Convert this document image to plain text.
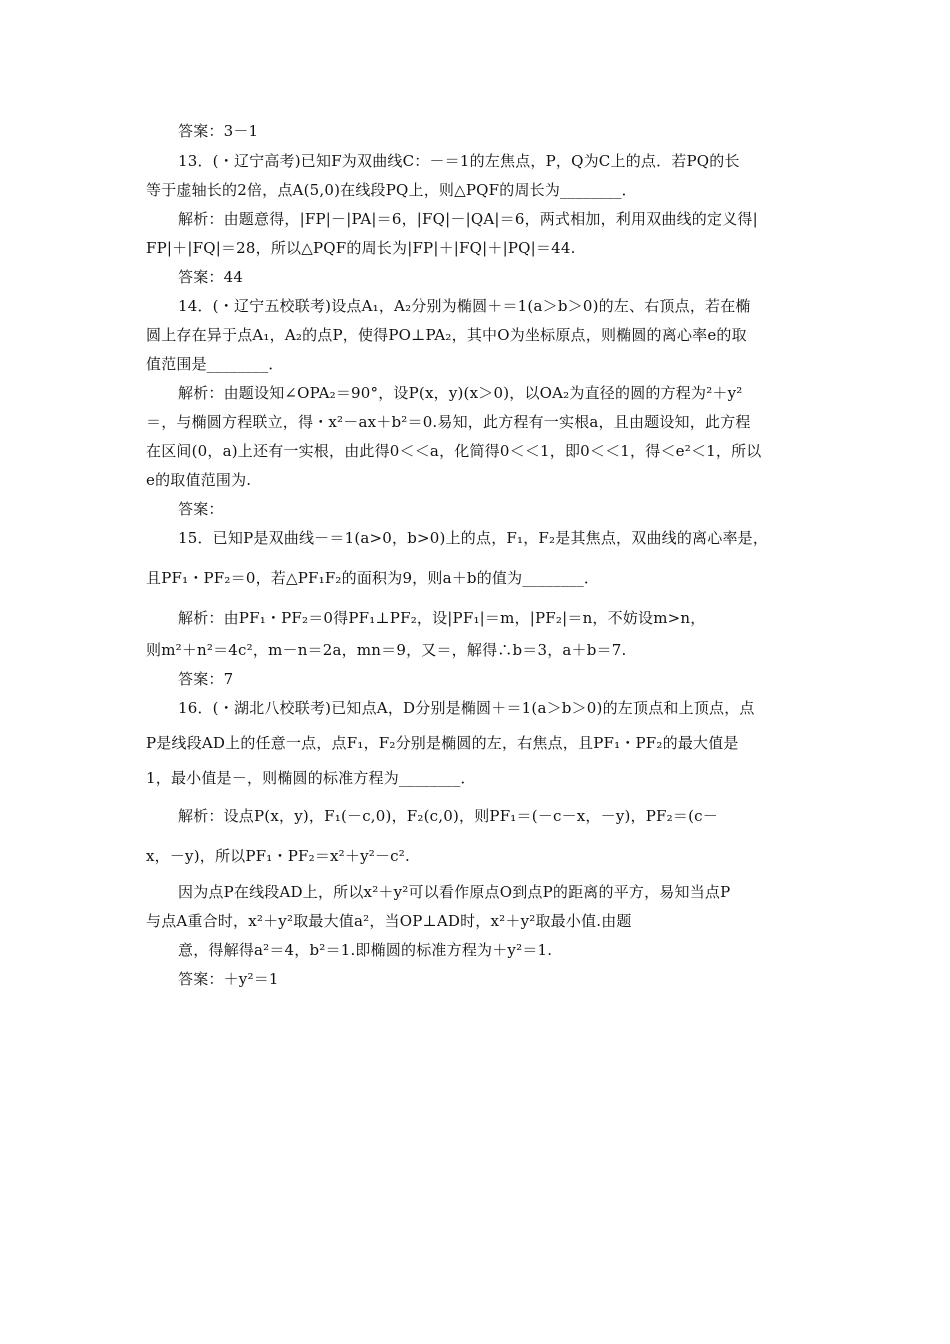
答案：3－1
13．(・辽宁高考)已知F为双曲线C：－＝1的左焦点，P，Q为C上的点．若PQ的长
等于虚轴长的2倍，点A(5,0)在线段PQ上，则△PQF的周长为________．
解析：由题意得，|FP|－|PA|＝6，|FQ|－|QA|＝6，两式相加，利用双曲线的定义得|
FP|＋|FQ|＝28，所以△PQF的周长为|FP|＋|FQ|＋|PQ|＝44.
答案：44
14．(・辽宁五校联考)设点A₁，A₂分别为椭圆＋＝1(a＞b＞0)的左、右顶点，若在椭
圆上存在异于点A₁，A₂的点P，使得PO⊥PA₂，其中O为坐标原点，则椭圆的离心率e的取
值范围是________．
解析：由题设知∠OPA₂＝90°，设P(x，y)(x＞0)，以OA₂为直径的圆的方程为²＋y²
＝，与椭圆方程联立，得・x²－ax＋b²＝0.易知，此方程有一实根a，且由题设知，此方程
在区间(0，a)上还有一实根，由此得0＜＜a，化简得0＜＜1，即0＜＜1，得＜e²＜1，所以
e的取值范围为.
答案：
15．已知P是双曲线－＝1(a>0，b>0)上的点，F₁，F₂是其焦点，双曲线的离心率是，
且PF₁・PF₂＝0，若△PF₁F₂的面积为9，则a＋b的值为________．
解析：由PF₁・PF₂＝0得PF₁⊥PF₂，设|PF₁|＝m，|PF₂|＝n，不妨设m>n，
则m²＋n²＝4c²，m－n＝2a，mn＝9，又＝，解得∴b＝3，a＋b＝7.
答案：7
16．(・湖北八校联考)已知点A，D分别是椭圆＋＝1(a＞b＞0)的左顶点和上顶点，点
P是线段AD上的任意一点，点F₁，F₂分别是椭圆的左，右焦点，且PF₁・PF₂的最大值是
1，最小值是－，则椭圆的标准方程为________．
解析：设点P(x，y)，F₁(－c,0)，F₂(c,0)，则PF₁＝(－c－x，－y)，PF₂＝(c－
x，－y)，所以PF₁・PF₂＝x²＋y²－c².
因为点P在线段AD上，所以x²＋y²可以看作原点O到点P的距离的平方，易知当点P
与点A重合时，x²＋y²取最大值a²，当OP⊥AD时，x²＋y²取最小值.由题
意，得解得a²＝4，b²＝1.即椭圆的标准方程为＋y²＝1.
答案：＋y²＝1
